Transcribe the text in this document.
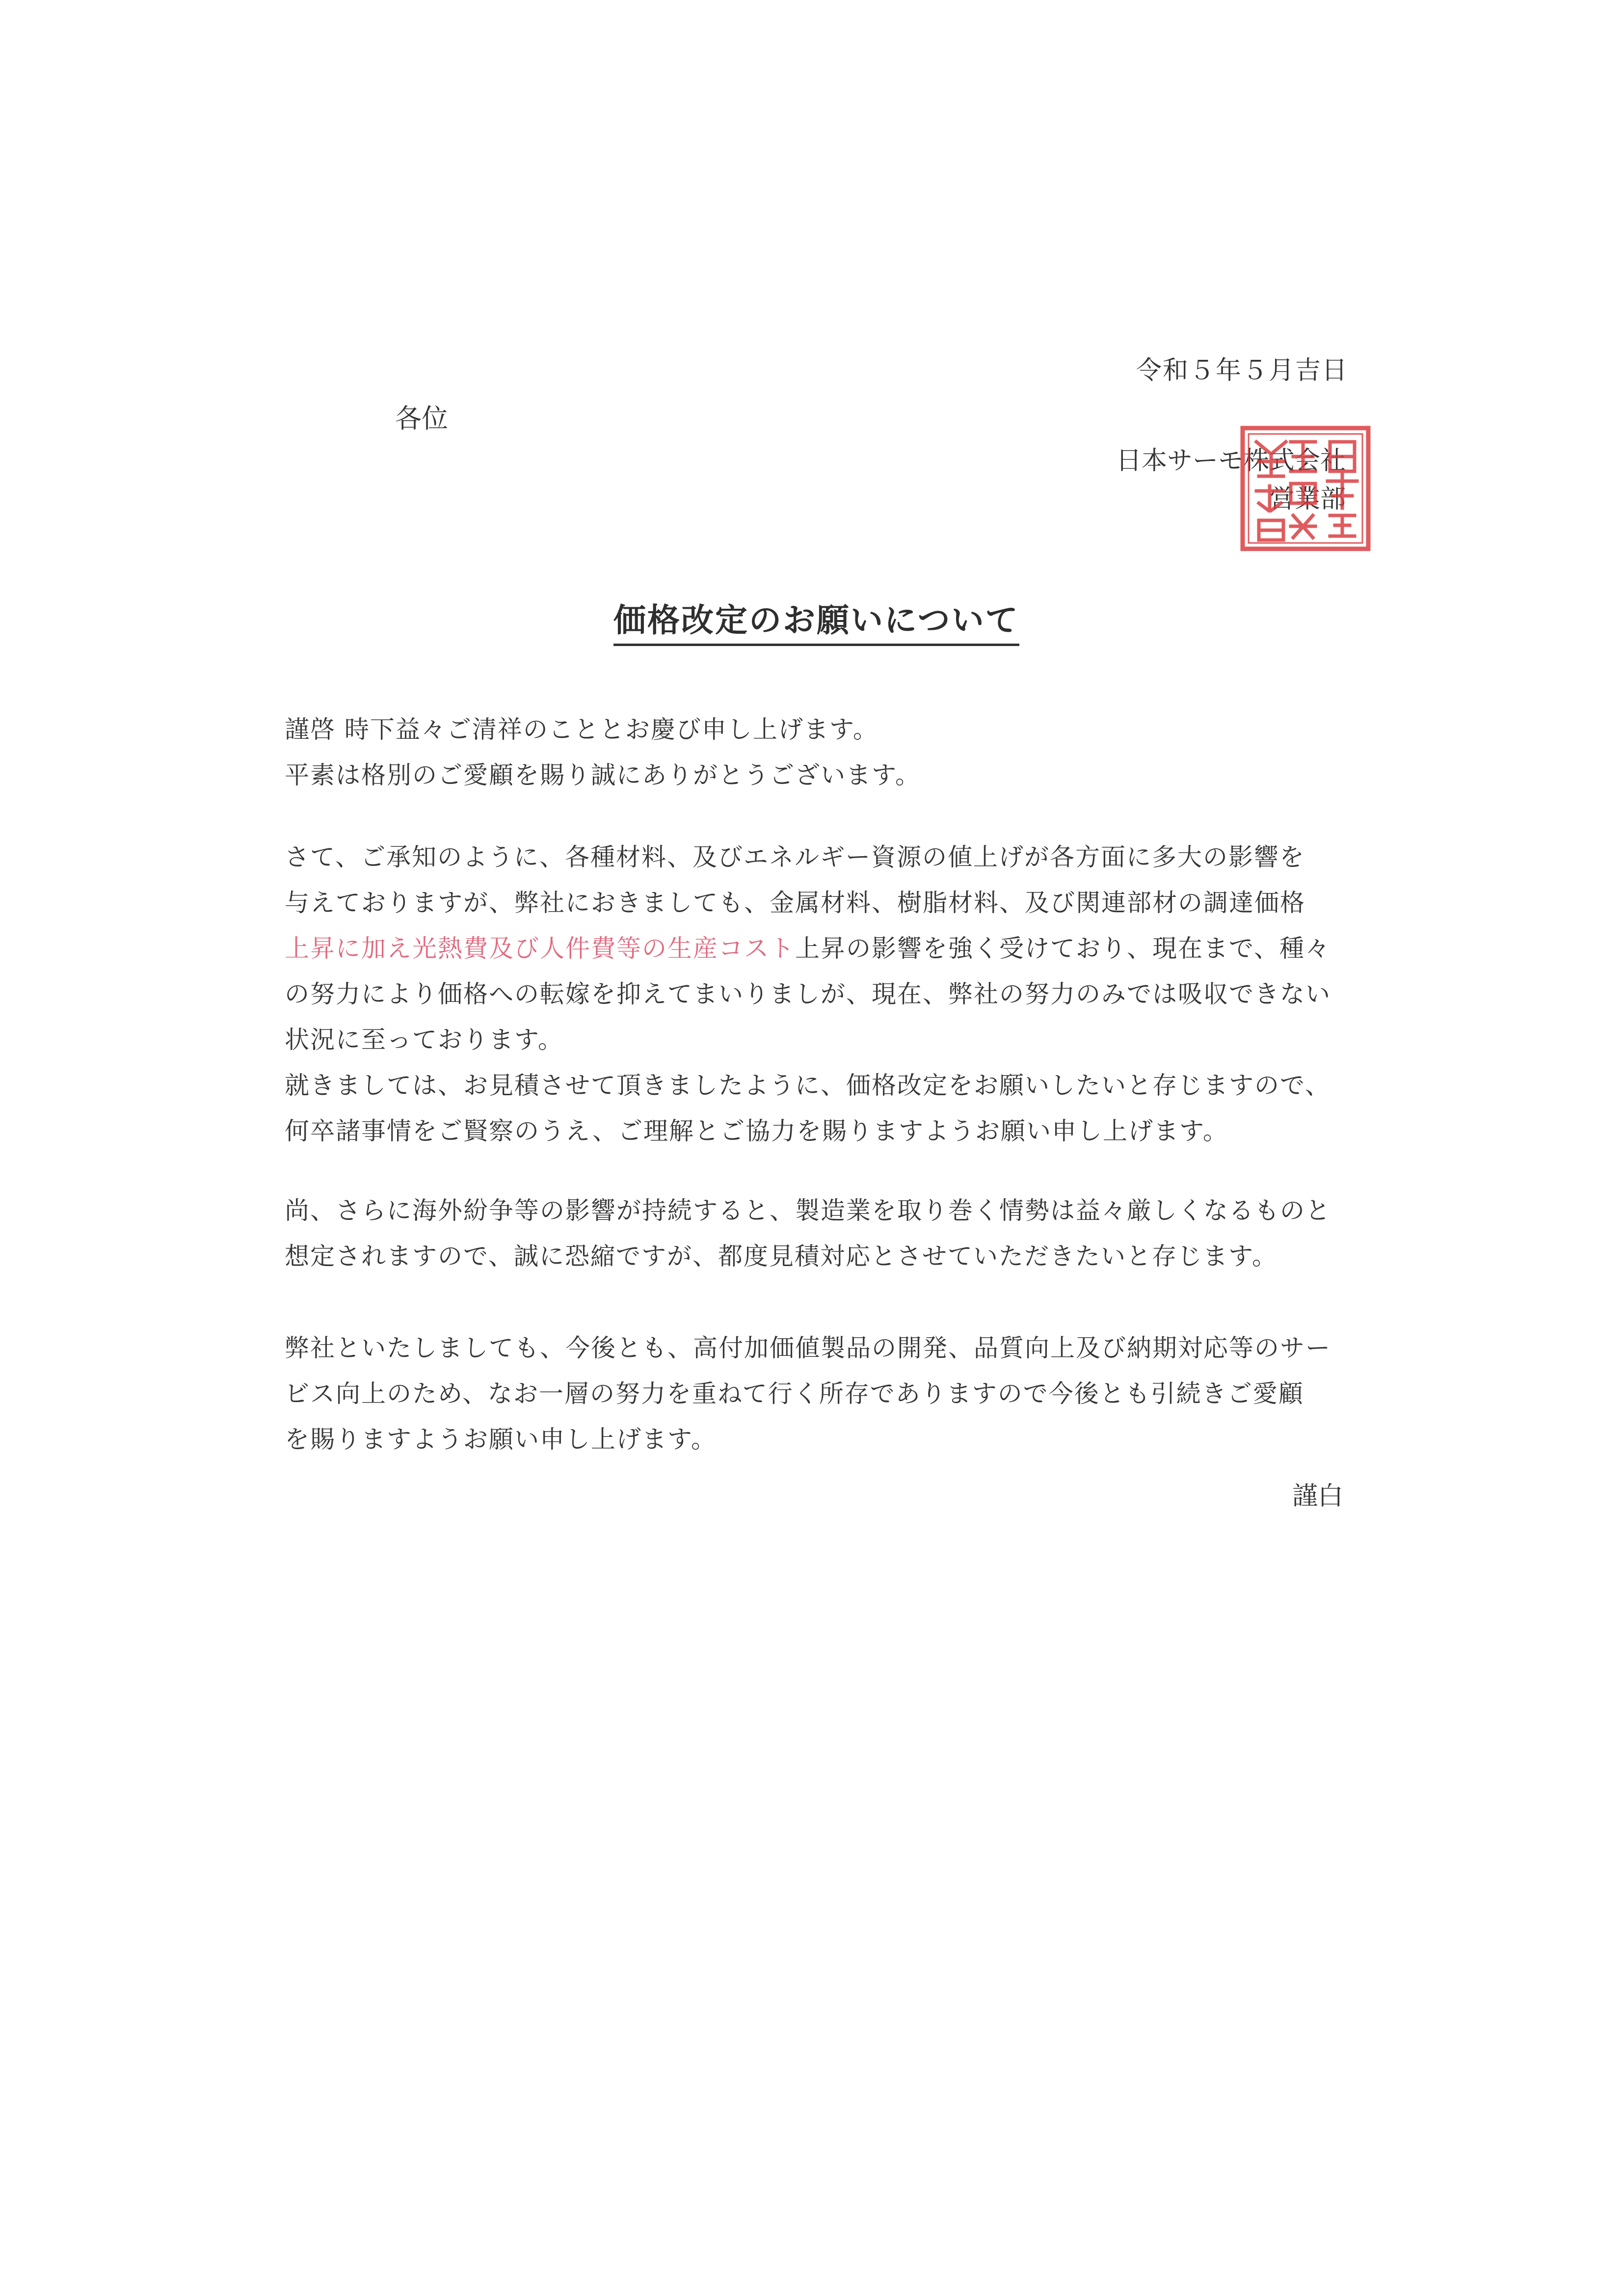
令和５年５月吉日
各位
日本サーモ株式会社
営業部
価格改定のお願いについて

謹啓 時下益々ご清祥のこととお慶び申し上げます。

平素は格別のご愛顧を賜り誠にありがとうございます。

さて、ご承知のように、各種材料、及びエネルギー資源の値上げが各方面に多大の影響を

与えておりますが、弊社におきましても、金属材料、樹脂材料、及び関連部材の調達価格

上昇に加え光熱費及び人件費等の生産コスト上昇の影響を強く受けており、現在まで、種々

の努力により価格への転嫁を抑えてまいりましが、現在、弊社の努力のみでは吸収できない

状況に至っております。

就きましては、お見積させて頂きましたように、価格改定をお願いしたいと存じますので、

何卒諸事情をご賢察のうえ、ご理解とご協力を賜りますようお願い申し上げます。

尚、さらに海外紛争等の影響が持続すると、製造業を取り巻く情勢は益々厳しくなるものと

想定されますので、誠に恐縮ですが、都度見積対応とさせていただきたいと存じます。

弊社といたしましても、今後とも、高付加価値製品の開発、品質向上及び納期対応等のサー

ビス向上のため、なお一層の努力を重ねて行く所存でありますので今後とも引続きご愛顧

を賜りますようお願い申し上げます。

謹白
